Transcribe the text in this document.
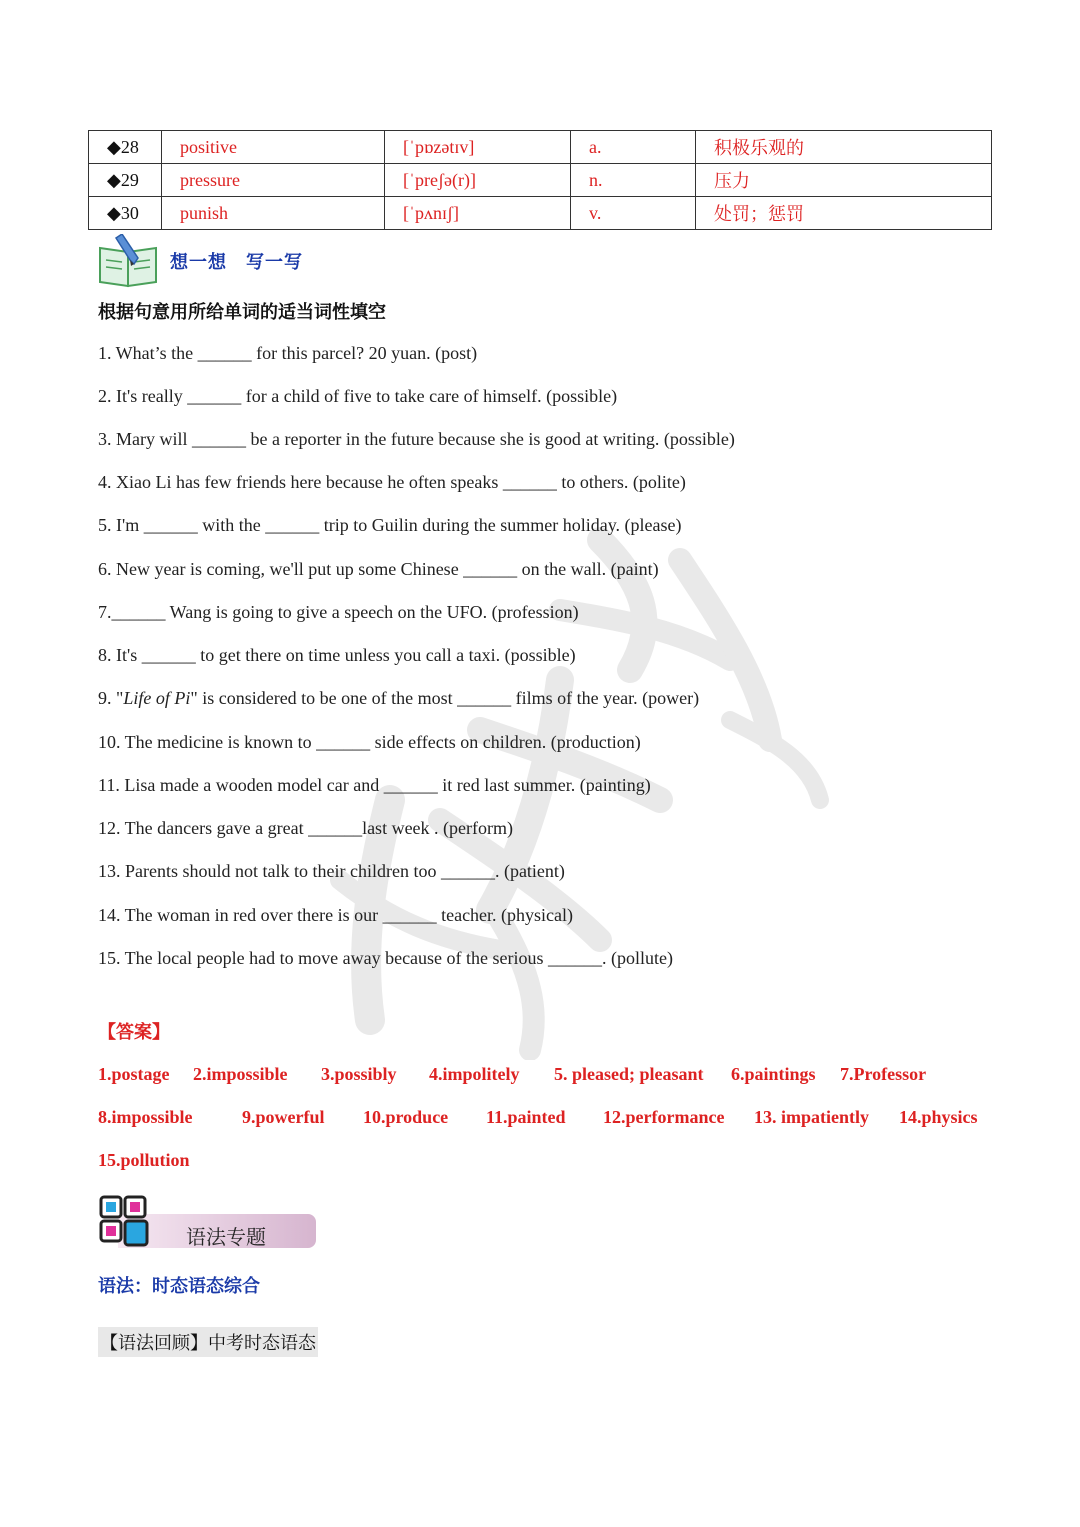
◆28	positive	[ˈpɒzətɪv]	a.	积极乐观的
◆29	pressure	[ˈpreʃə(r)]	n.	压力
◆30	punish	[ˈpʌnɪʃ]	v.	处罚；惩罚
想一想　写一写
根据句意用所给单词的适当词性填空
1. What’s the ______ for this parcel? 20 yuan. (post)
2. It's really ______ for a child of five to take care of himself. (possible)
3. Mary will ______ be a reporter in the future because she is good at writing. (possible)
4. Xiao Li has few friends here because he often speaks ______ to others. (polite)
5. I'm ______ with the ______ trip to Guilin during the summer holiday. (please)
6. New year is coming, we'll put up some Chinese ______ on the wall. (paint)
7.______ Wang is going to give a speech on the UFO. (profession)
8. It's ______ to get there on time unless you call a taxi. (possible)
9. "Life of Pi" is considered to be one of the most ______ films of the year. (power)
10. The medicine is known to ______ side effects on children. (production)
11. Lisa made a wooden model car and ______ it red last summer. (painting)
12. The dancers gave a great ______last week . (perform)
13. Parents should not talk to their children too ______. (patient)
14. The woman in red over there is our ______ teacher. (physical)
15. The local people had to move away because of the serious ______. (pollute)
【答案】
1.postage 2.impossible 3.possibly 4.impolitely 5. pleased; pleasant 6.paintings 7.Professor
8.impossible	9.powerful 10.produce 11.painted 12.performance 13. impatiently 14.physics
15.pollution
语法专题
语法：时态语态综合
【语法回顾】中考时态语态
